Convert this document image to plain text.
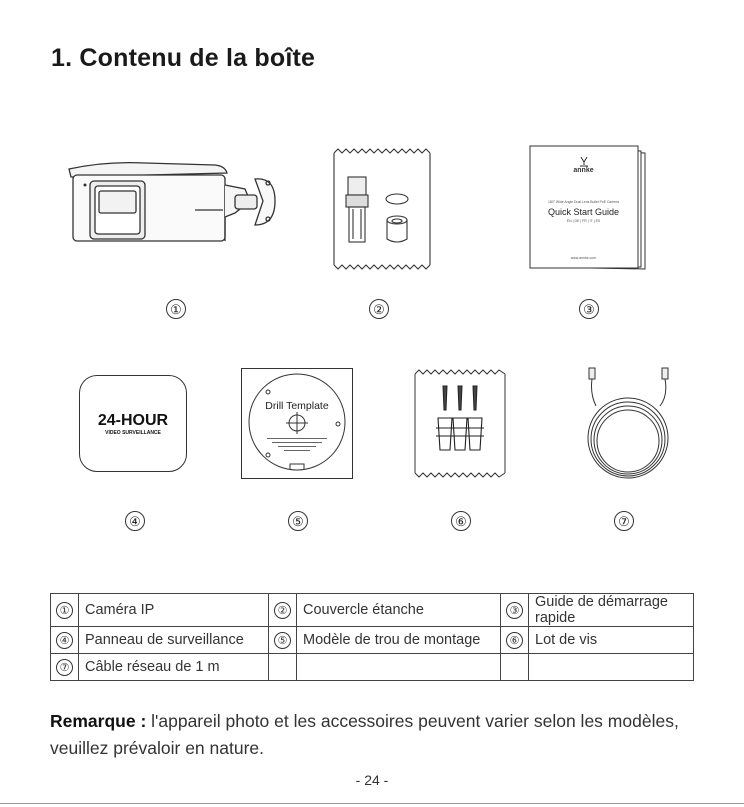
1. Contenu de la boîte
annke
180° Wide Angle Dual Lens Bullet PoE Camera
Quick Start Guide
EN | DE | FR | IT | ES
www.annke.com
24-HOUR
VIDEO SURVEILLANCE
Drill Template
①	②	③
④	⑤	⑥	⑦
①	Caméra IP	②	Couvercle étanche	③	Guide de démarrage rapide
④	Panneau de surveillance	⑤	Modèle de trou de montage	⑥	Lot de vis
⑦	Câble réseau de 1 m				

Remarque : l'appareil photo et les accessoires peuvent varier selon les modèles, veuillez prévaloir en nature.

- 24 -
